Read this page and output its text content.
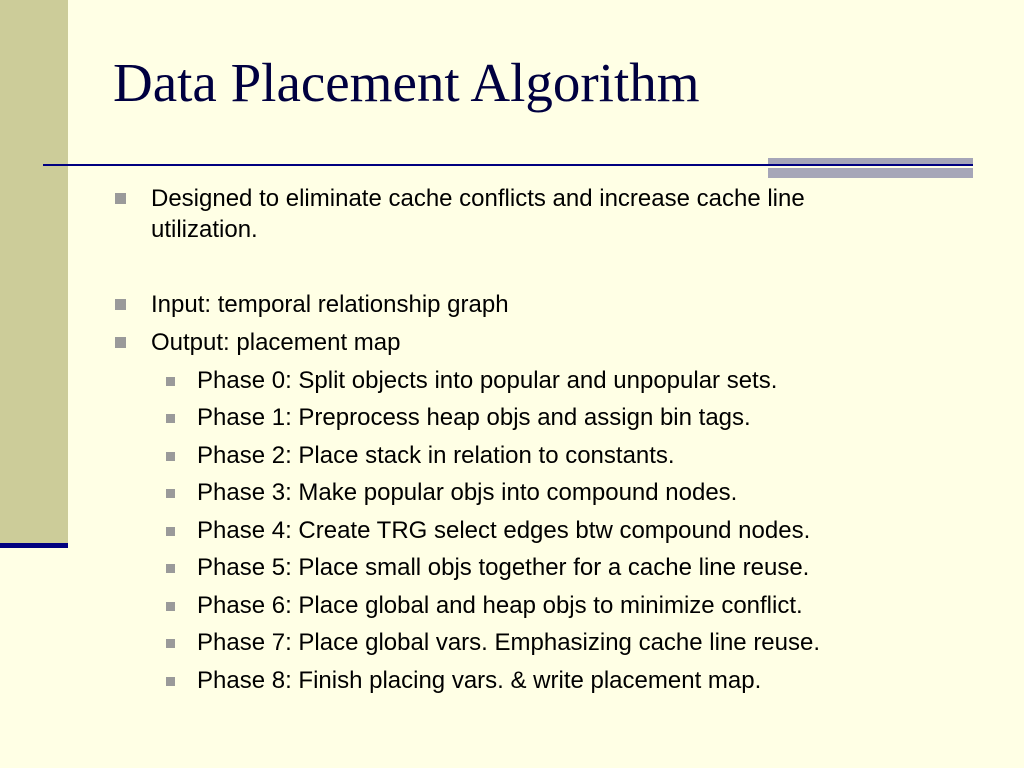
Data Placement Algorithm
Designed to eliminate cache conflicts and increase cache line
utilization.
Input: temporal relationship graph
Output: placement map
Phase 0: Split objects into popular and unpopular sets.
Phase 1: Preprocess heap objs and assign bin tags.
Phase 2: Place stack in relation to constants.
Phase 3: Make popular objs into compound nodes.
Phase 4: Create TRG select edges btw compound nodes.
Phase 5: Place small objs together for a cache line reuse.
Phase 6: Place global and heap objs to minimize conflict.
Phase 7: Place global vars. Emphasizing cache line reuse.
Phase 8: Finish placing vars. & write placement map.
